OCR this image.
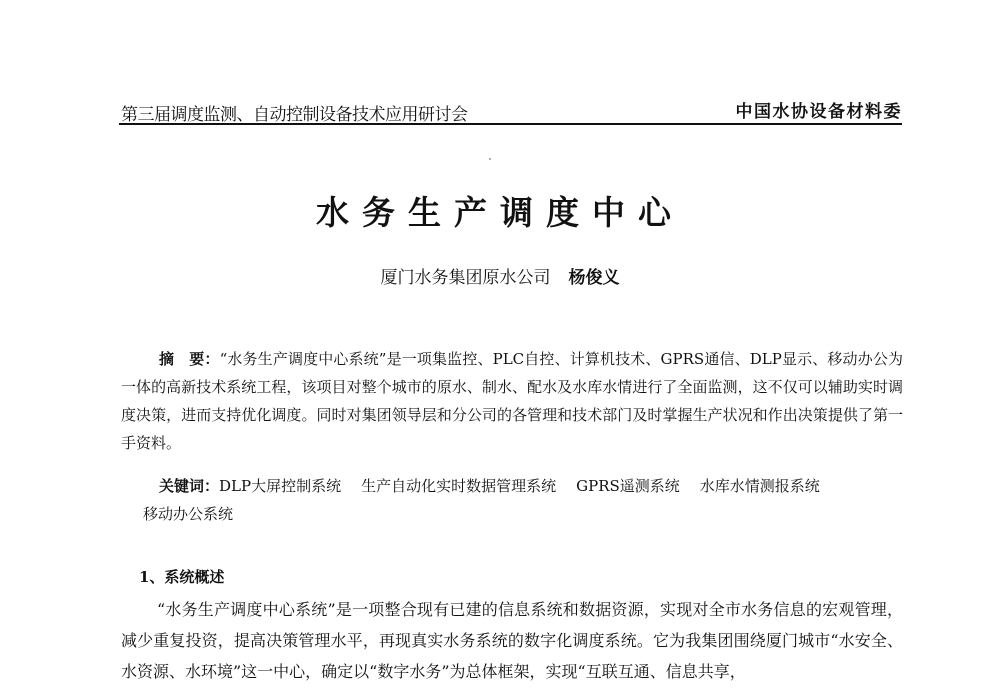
第三届调度监测、自动控制设备技术应用研讨会	中国水协设备材料委
水务生产调度中心
厦门水务集团原水公司 杨俊义

摘　要：“水务生产调度中心系统”是一项集监控、PLC自控、计算机技术、GPRS通信、DLP显示、移动办公为一体的高新技术系统工程，该项目对整个城市的原水、制水、配水及水库水情进行了全面监测，这不仅可以辅助实时调度决策，进而支持优化调度。同时对集团领导层和分公司的各管理和技术部门及时掌握生产状况和作出决策提供了第一手资料。

关键词：DLP大屏控制系统 生产自动化实时数据管理系统 GPRS遥测系统 水库水情测报系统
移动办公系统
1、系统概述

“水务生产调度中心系统”是一项整合现有已建的信息系统和数据资源，实现对全市水务信息的宏观管理，减少重复投资，提高决策管理水平，再现真实水务系统的数字化调度系统。它为我集团围绕厦门城市“水安全、水资源、水环境”这一中心，确定以“数字水务”为总体框架，实现“互联互通、信息共享，
